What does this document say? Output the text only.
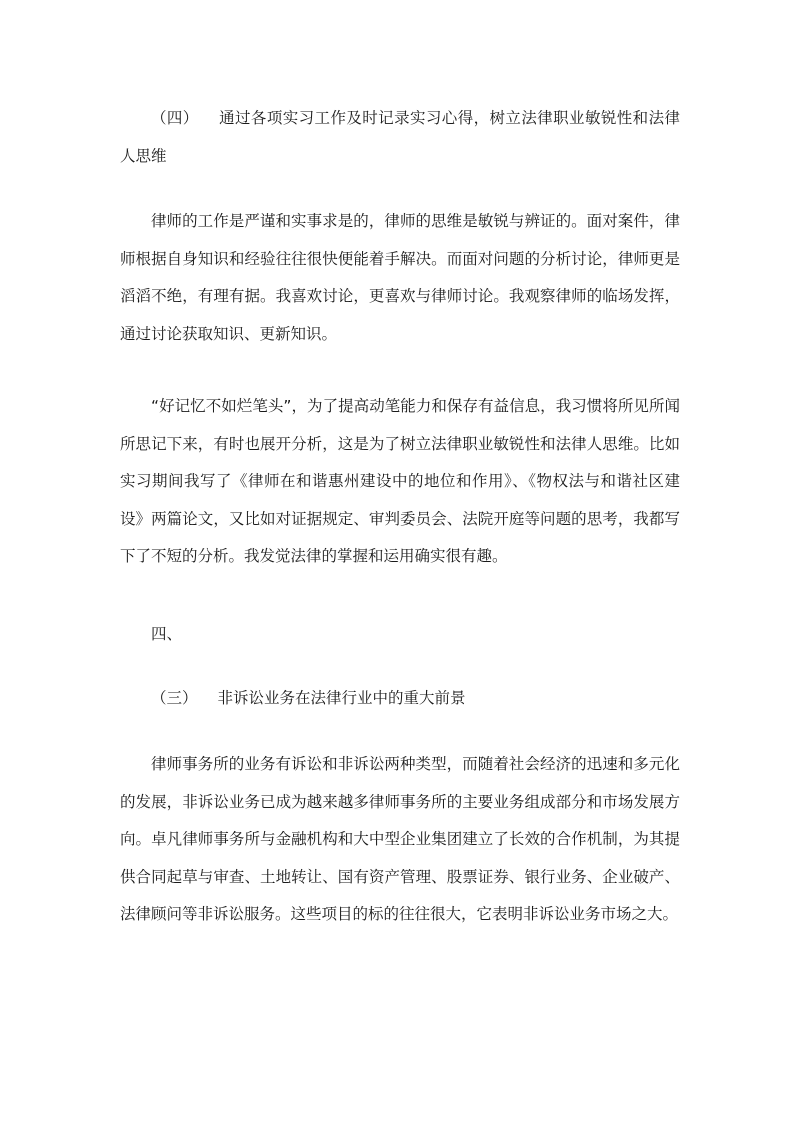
（四） 通过各项实习工作及时记录实习心得，树立法律职业敏锐性和法律人思维

律师的工作是严谨和实事求是的，律师的思维是敏锐与辨证的。面对案件，律师根据自身知识和经验往往很快便能着手解决。而面对问题的分析讨论，律师更是滔滔不绝，有理有据。我喜欢讨论，更喜欢与律师讨论。我观察律师的临场发挥，通过讨论获取知识、更新知识。

“好记忆不如烂笔头”，为了提高动笔能力和保存有益信息，我习惯将所见所闻所思记下来，有时也展开分析，这是为了树立法律职业敏锐性和法律人思维。比如实习期间我写了《律师在和谐惠州建设中的地位和作用》、《物权法与和谐社区建设》两篇论文，又比如对证据规定、审判委员会、法院开庭等问题的思考，我都写下了不短的分析。我发觉法律的掌握和运用确实很有趣。

四、

（三） 非诉讼业务在法律行业中的重大前景

律师事务所的业务有诉讼和非诉讼两种类型，而随着社会经济的迅速和多元化的发展，非诉讼业务已成为越来越多律师事务所的主要业务组成部分和市场发展方向。卓凡律师事务所与金融机构和大中型企业集团建立了长效的合作机制，为其提供合同起草与审查、土地转让、国有资产管理、股票证券、银行业务、企业破产、法律顾问等非诉讼服务。这些项目的标的往往很大，它表明非诉讼业务市场之大。
